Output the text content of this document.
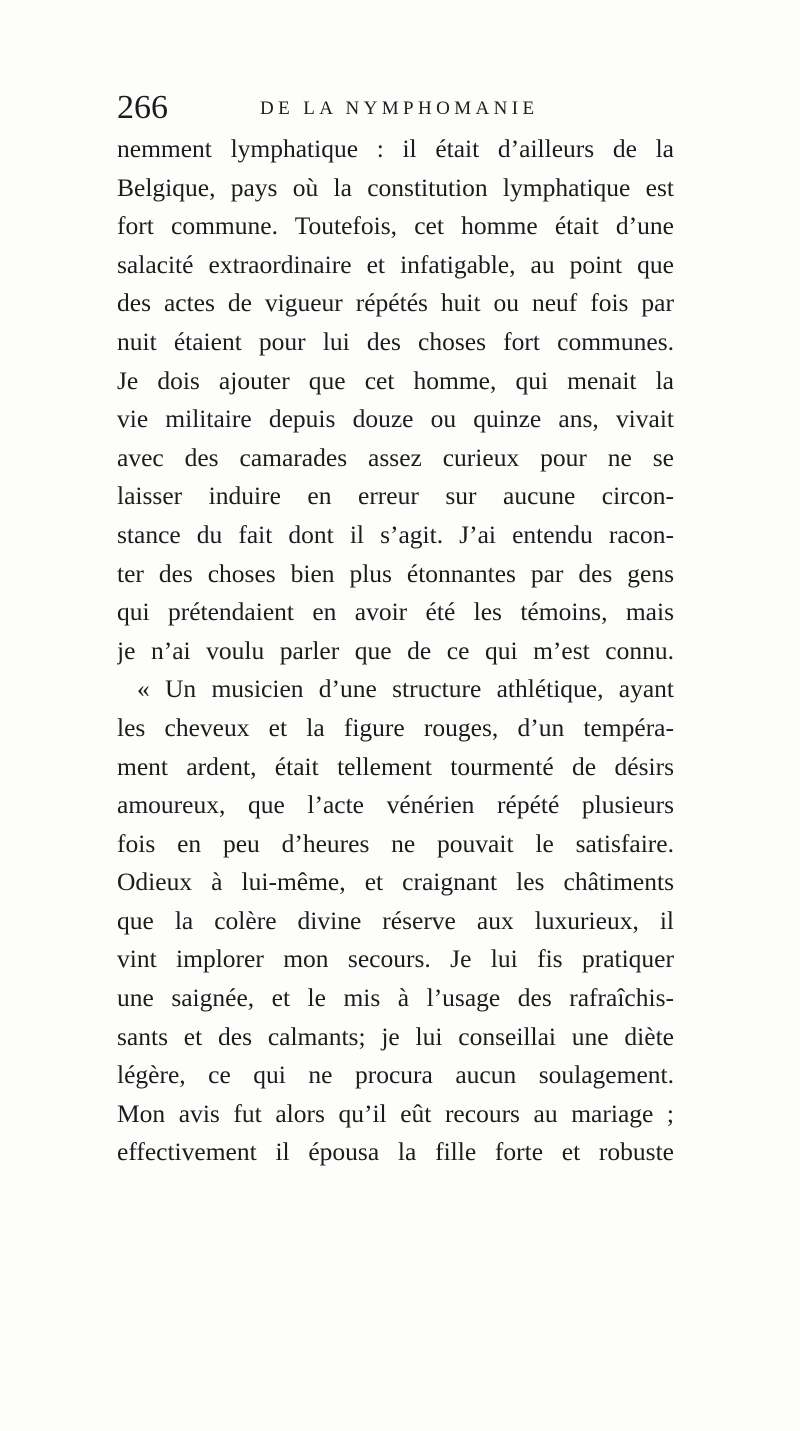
266	DE LA NYMPHOMANIE
nemment lymphatique : il était d’ailleurs de la
Belgique, pays où la constitution lymphatique est
fort commune. Toutefois, cet homme était d’une
salacité extraordinaire et infatigable, au point que
des actes de vigueur répétés huit ou neuf fois par
nuit étaient pour lui des choses fort communes.
Je dois ajouter que cet homme, qui menait la
vie militaire depuis douze ou quinze ans, vivait
avec des camarades assez curieux pour ne se
laisser induire en erreur sur aucune circon-
stance du fait dont il s’agit. J’ai entendu racon-
ter des choses bien plus étonnantes par des gens
qui prétendaient en avoir été les témoins, mais
je n’ai voulu parler que de ce qui m’est connu.
« Un musicien d’une structure athlétique, ayant
les cheveux et la figure rouges, d’un tempéra-
ment ardent, était tellement tourmenté de désirs
amoureux, que l’acte vénérien répété plusieurs
fois en peu d’heures ne pouvait le satisfaire.
Odieux à lui-même, et craignant les châtiments
que la colère divine réserve aux luxurieux, il
vint implorer mon secours. Je lui fis pratiquer
une saignée, et le mis à l’usage des rafraîchis-
sants et des calmants; je lui conseillai une diète
légère, ce qui ne procura aucun soulagement.
Mon avis fut alors qu’il eût recours au mariage ;
effectivement il épousa la fille forte et robuste
